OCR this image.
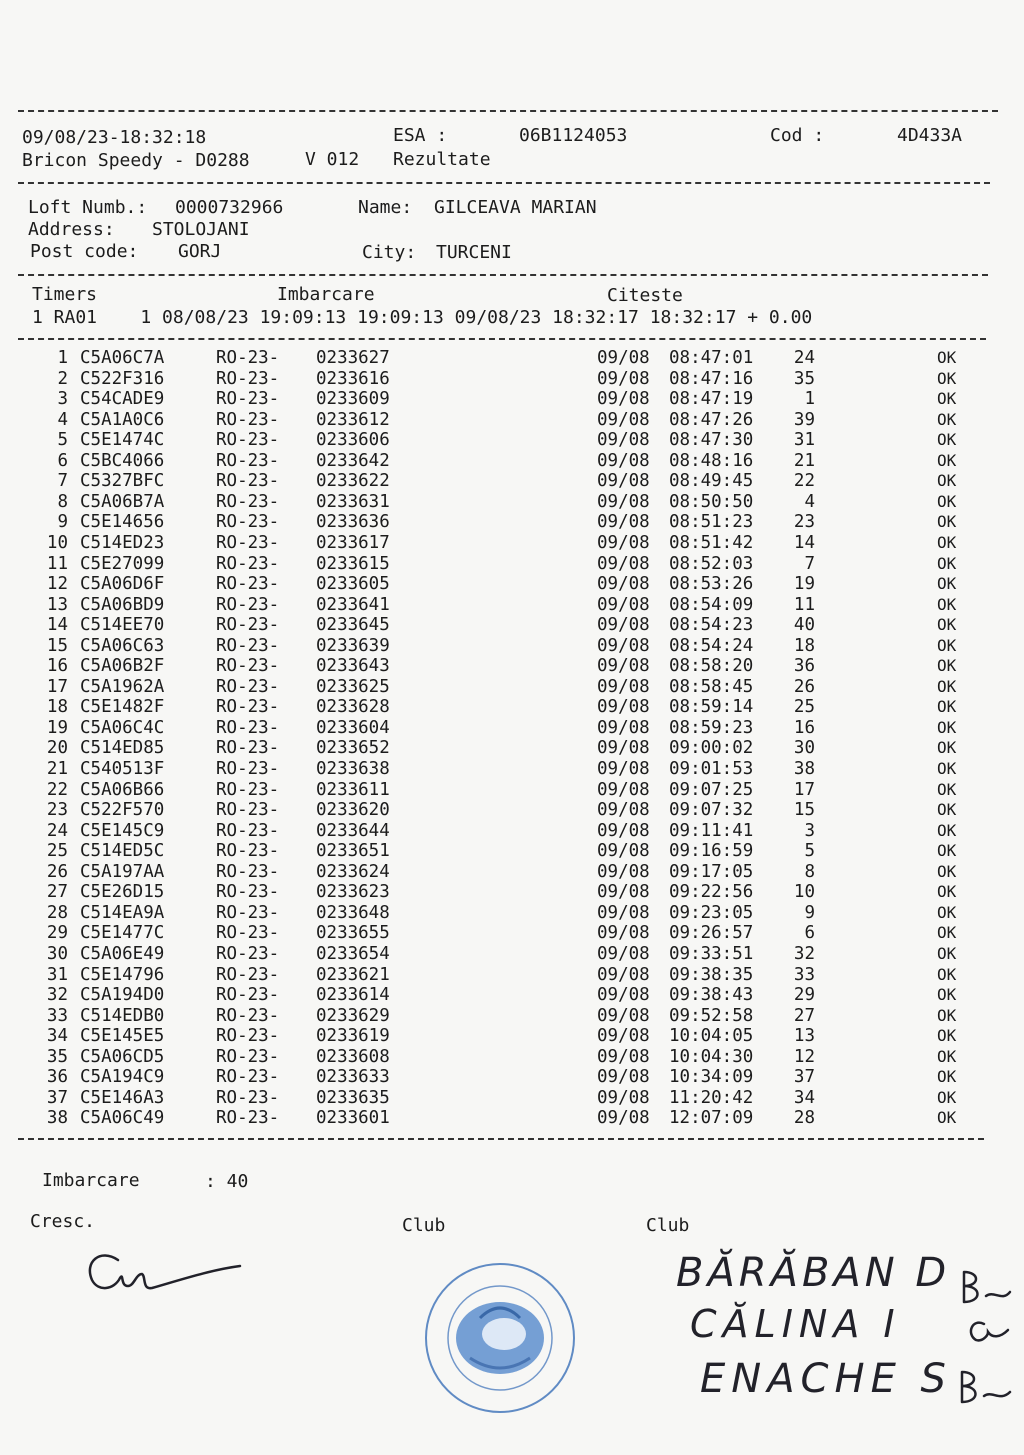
09/08/23-18:32:18	ESA :	06B1124053	Cod :	4D433A
Bricon Speedy - D0288	V 012 Rezultate
Loft Numb.: 0000732966	Name: GILCEAVA MARIAN
Address: STOLOJANI
Post code: GORJ	City: TURCENI
Timers	Imbarcare	Citeste
1 RA01    1 08/08/23 19:09:13 19:09:13 09/08/23 18:32:17 18:32:17 + 0.00
1 C5A06C7A	RO-23- 0233627	09/08 08:47:01	24	OK
2 C522F316	RO-23- 0233616	09/08 08:47:16	35	OK
3 C54CADE9	RO-23- 0233609	09/08 08:47:19	1	OK
4 C5A1A0C6	RO-23- 0233612	09/08 08:47:26	39	OK
5 C5E1474C	RO-23- 0233606	09/08 08:47:30	31	OK
6 C5BC4066	RO-23- 0233642	09/08 08:48:16	21	OK
7 C5327BFC	RO-23- 0233622	09/08 08:49:45	22	OK
8 C5A06B7A	RO-23- 0233631	09/08 08:50:50	4	OK
9 C5E14656	RO-23- 0233636	09/08 08:51:23	23	OK
10 C514ED23	RO-23- 0233617	09/08 08:51:42	14	OK
11 C5E27099	RO-23- 0233615	09/08 08:52:03	7	OK
12 C5A06D6F	RO-23- 0233605	09/08 08:53:26	19	OK
13 C5A06BD9	RO-23- 0233641	09/08 08:54:09	11	OK
14 C514EE70	RO-23- 0233645	09/08 08:54:23	40	OK
15 C5A06C63	RO-23- 0233639	09/08 08:54:24	18	OK
16 C5A06B2F	RO-23- 0233643	09/08 08:58:20	36	OK
17 C5A1962A	RO-23- 0233625	09/08 08:58:45	26	OK
18 C5E1482F	RO-23- 0233628	09/08 08:59:14	25	OK
19 C5A06C4C	RO-23- 0233604	09/08 08:59:23	16	OK
20 C514ED85	RO-23- 0233652	09/08 09:00:02	30	OK
21 C540513F	RO-23- 0233638	09/08 09:01:53	38	OK
22 C5A06B66	RO-23- 0233611	09/08 09:07:25	17	OK
23 C522F570	RO-23- 0233620	09/08 09:07:32	15	OK
24 C5E145C9	RO-23- 0233644	09/08 09:11:41	3	OK
25 C514ED5C	RO-23- 0233651	09/08 09:16:59	5	OK
26 C5A197AA	RO-23- 0233624	09/08 09:17:05	8	OK
27 C5E26D15	RO-23- 0233623	09/08 09:22:56	10	OK
28 C514EA9A	RO-23- 0233648	09/08 09:23:05	9	OK
29 C5E1477C	RO-23- 0233655	09/08 09:26:57	6	OK
30 C5A06E49	RO-23- 0233654	09/08 09:33:51	32	OK
31 C5E14796	RO-23- 0233621	09/08 09:38:35	33	OK
32 C5A194D0	RO-23- 0233614	09/08 09:38:43	29	OK
33 C514EDB0	RO-23- 0233629	09/08 09:52:58	27	OK
34 C5E145E5	RO-23- 0233619	09/08 10:04:05	13	OK
35 C5A06CD5	RO-23- 0233608	09/08 10:04:30	12	OK
36 C5A194C9	RO-23- 0233633	09/08 10:34:09	37	OK
37 C5E146A3	RO-23- 0233635	09/08 11:20:42	34	OK
38 C5A06C49	RO-23- 0233601	09/08 12:07:09	28	OK
Imbarcare	: 40
Cresc.	Club	Club
BĂRĂBAN D
CĂLINA I
ENACHE S
